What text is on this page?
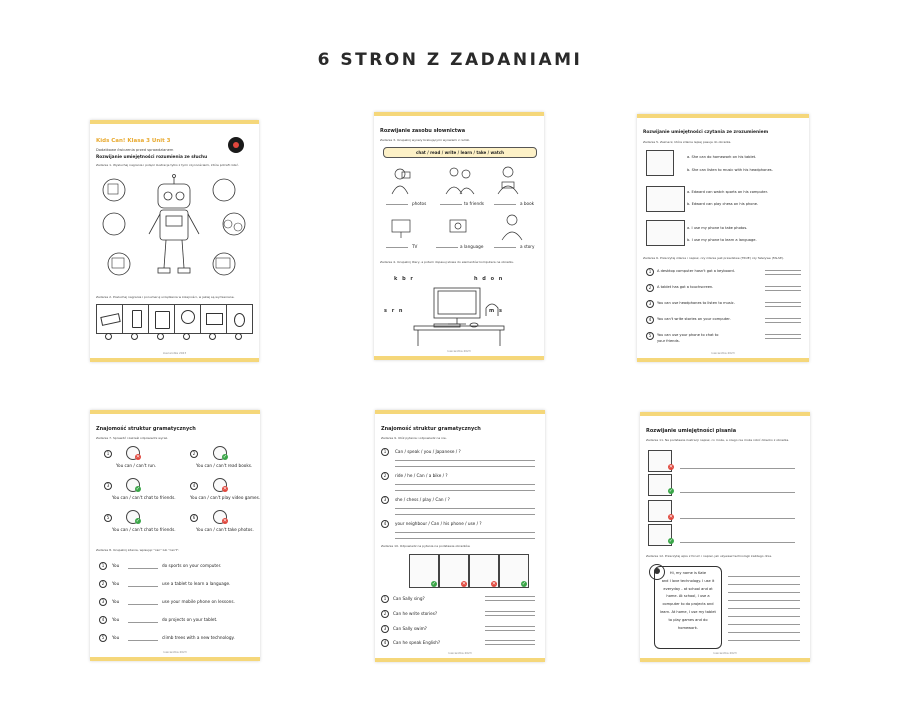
6 STRON Z ZADANIAMI
Kids Can! Klasa 3 Unit 3
Dodatkowe ćwiczenia przed sprawdzianem
Rozwijanie umiejętności rozumienia ze słuchu
Zadanie 1. Wysłuchaj nagrania i połącz ilustracje tylko z tymi czynnościami, które potrafi robić.
Zadanie 2. Posłuchaj nagrania i ponumeruj urządzenia w kolejności, w jakiej są wymieniane.
lowcarotka 2023
Rozwijanie zasobu słownictwa
Zadanie 3. Uzupełnij wyrazy brakującymi wyrazami z ramki.
chat / read / write / learn / take / watch
photos	to friends	a book
TV	a language	a story
Zadanie 4. Uzupełnij litery, a potem dopasuj słowa do elementów komputera na obrazku.
k b r	h d o n
s r n	m s
lowcarotka 2023
Rozwijanie umiejętności czytania ze zrozumieniem
Zadanie 5. Zaznacz, które zdanie lepiej pasuje do obrazka.
a. She can do homework on his tablet.
b. She can listen to music with his headphones.
a. Edward can watch sports on his computer.
b. Edward can play chess on his phone.
a. I use my phone to take photos.
b. I use my phone to learn a language.
Zadanie 6. Przeczytaj zdania i napisz, czy zdanie jest prawdziwe (TRUE) czy fałszywe (FALSE).
1	A desktop computer hasn't got a keyboard.
2	A tablet has got a touchscreen.
3	You can use headphones to listen to music.
4	You can't write stories on your computer.
5	You can use your phone to chat to
your friends.
lowcarotka 2023
Znajomość struktur gramatycznych
Zadanie 7. Sprawdź i zakreśl odpowiedni wyraz.
1
✕
You can / can't run.
2
✓
You can / can't read books.
3
✓
You can / can't chat to friends.
4
✕
You can / can't play video games.
5
✓
You can / can't chat to friends.
6
✕
You can / can't take photos.
Zadanie 8. Uzupełnij zdania, wpisując "can" lub "can't".
1	You	do sports on your computer.
2	You	use a tablet to learn a language.
3	You	use your mobile phone on lessons.
4	You	do projects on your tablet.
5	You	climb trees with a new technology.
lowcarotka 2023
Znajomość struktur gramatycznych
Zadanie 9. Ułóż pytania i odpowiedz na nie.
1	Can / speak / you / Japanese / ?
2	ride / he / Can / a bike / ?
3	she / chess / play / Can / ?
4	your neighbour / Can / his phone / use / ?
Zadanie 10. Odpowiedz na pytania na podstawie obrazków.
✓	✕	✕	✓
1	Can Sally sing?
2	Can he write stories?
3	Can Sally swim?
4	Can he speak English?
lowcarotka 2023
Rozwijanie umiejętności pisania
Zadanie 11. Na podstawie ilustracji napisz, co może, a czego nie może robić dziecko z obrazka.
✕
✓
✕
✓
Zadanie 12. Przeczytaj wpis z forum i napisz, jak używasz technologii każdego dnia.
Hi, my name is Kate
and I love technology. I use it
everyday - at school and at
home. At school, I use a
computer to do projects and
learn. At home, I use my tablet
to play games and do
homework.
lowcarotka 2023
